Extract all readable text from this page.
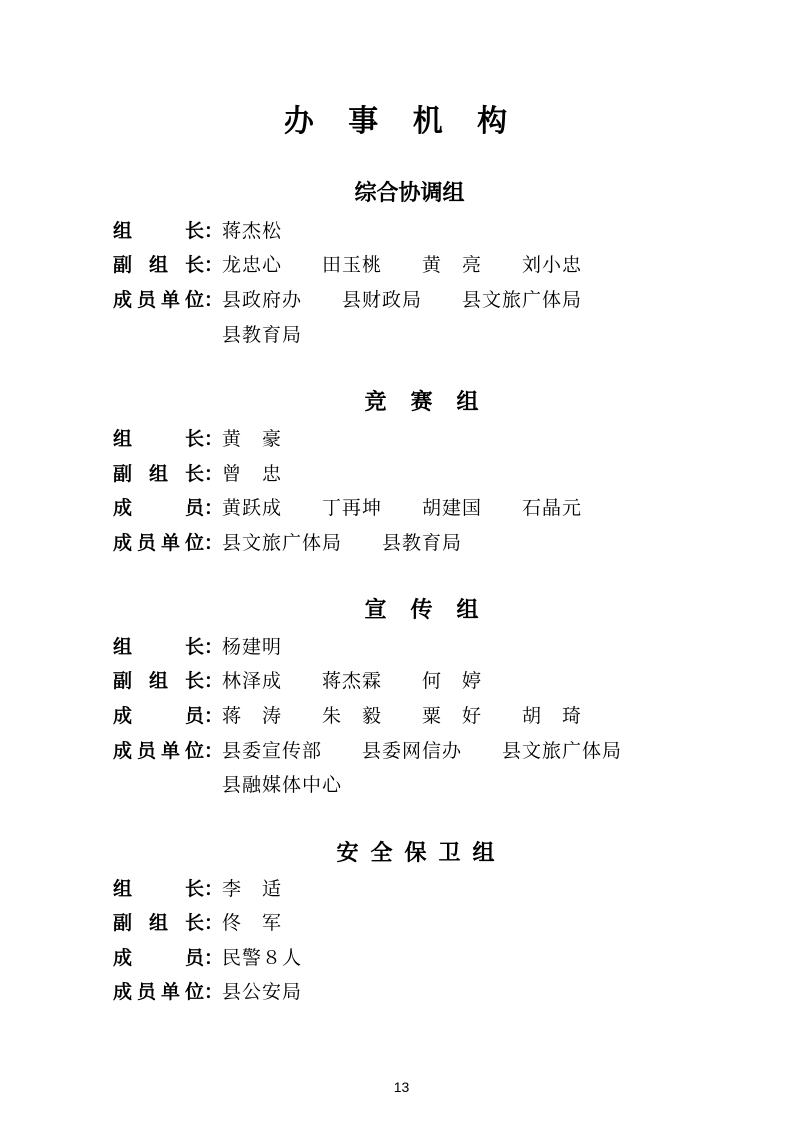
办 事 机 构
综合协调组
组长 ：
蒋杰松
副组长 ：
龙忠心　　田玉桃　　黄　亮　　刘小忠
成员单位 ：
县政府办　　县财政局　　县文旅广体局
县教育局
竞赛组
组长 ：
黄　豪
副组长 ：
曾　忠
成员 ：
黄跃成　　丁再坤　　胡建国　　石晶元
成员单位 ：
县文旅广体局　　县教育局
宣传组
组长 ：
杨建明
副组长 ：
林泽成　　蒋杰霖　　何　婷
成员 ：
蒋　涛　　朱　毅　　粟　好　　胡　琦
成员单位 ：
县委宣传部　　县委网信办　　县文旅广体局
县融媒体中心
安全保卫组
组长 ：
李　适
副组长 ：
佟　军
成员 ：
民警８人
成员单位 ：
县公安局
13
